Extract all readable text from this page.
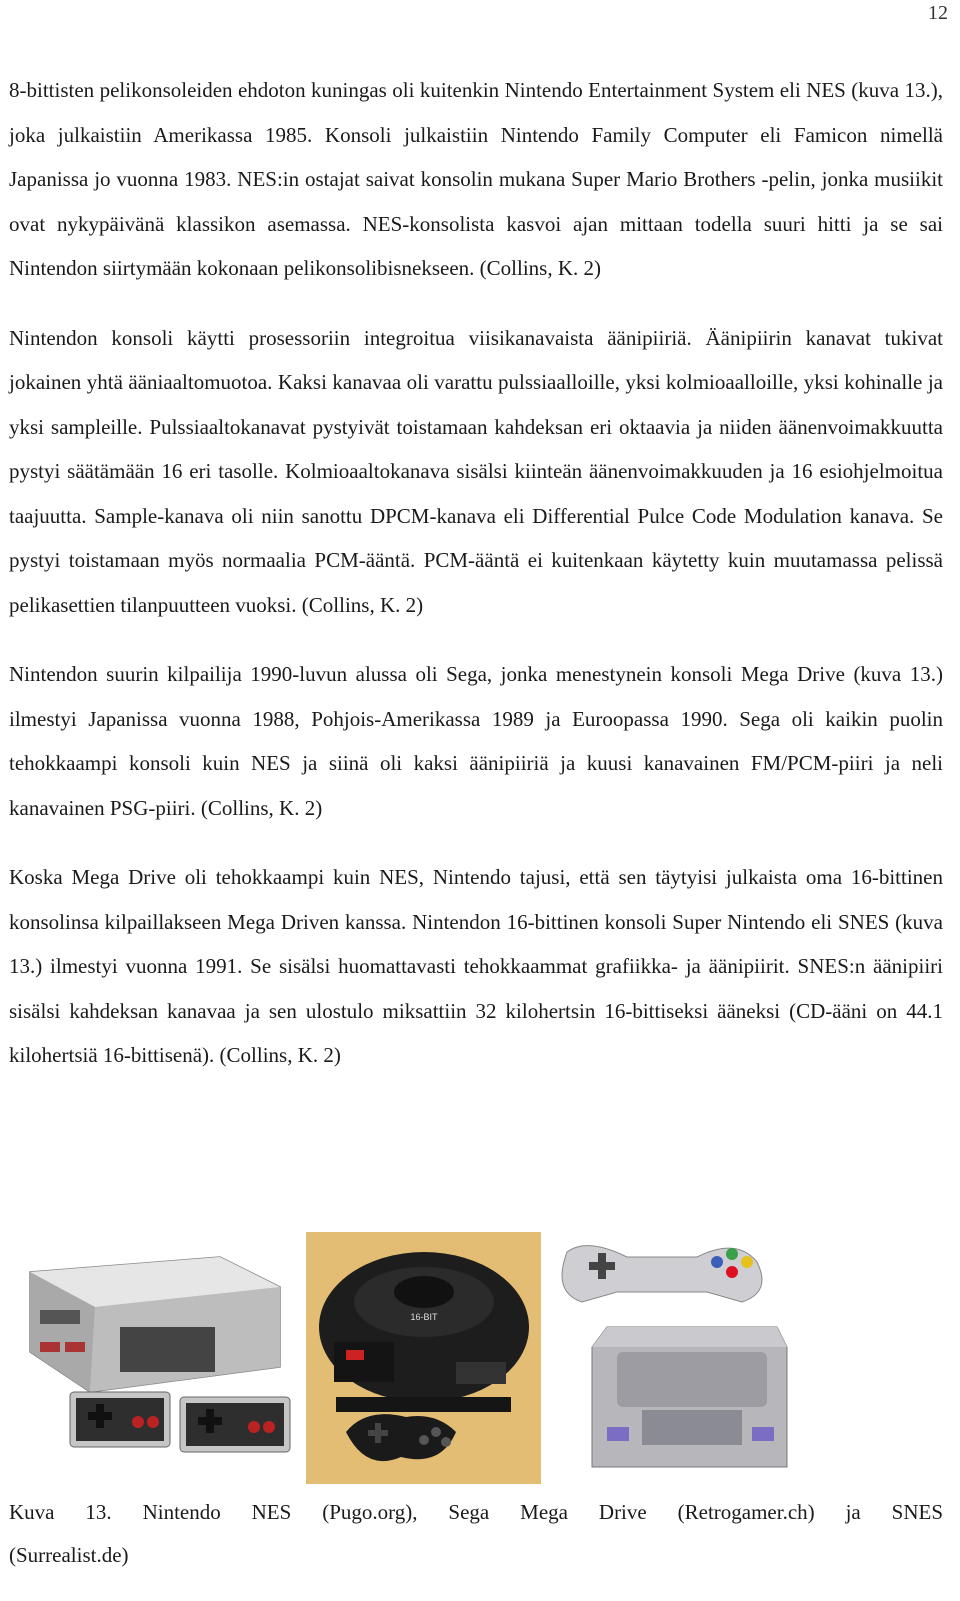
12

8-bittisten pelikonsoleiden ehdoton kuningas oli kuitenkin Nintendo Entertainment System eli NES (kuva 13.), joka julkaistiin Amerikassa 1985. Konsoli julkaistiin Nintendo Family Computer eli Famicon nimellä Japanissa jo vuonna 1983. NES:in ostajat saivat konsolin mukana Super Mario Brothers -pelin, jonka musiikit ovat nykypäivänä klassikon asemassa. NES-konsolista kasvoi ajan mittaan todella suuri hitti ja se sai Nintendon siirtymään kokonaan pelikonsolibisnekseen. (Collins, K. 2)

Nintendon konsoli käytti prosessoriin integroitua viisikanavaista äänipiiriä. Äänipiirin kanavat tukivat jokainen yhtä ääniaaltomuotoa. Kaksi kanavaa oli varattu pulssiaalloille, yksi kolmioaalloille, yksi kohinalle ja yksi sampleille. Pulssiaaltokanavat pystyivät toistamaan kahdeksan eri oktaavia ja niiden äänenvoimakkuutta pystyi säätämään 16 eri tasolle. Kolmioaaltokanava sisälsi kiinteän äänenvoimakkuuden ja 16 esiohjelmoitua taajuutta. Sample-kanava oli niin sanottu DPCM-kanava eli Differential Pulce Code Modulation kanava. Se pystyi toistamaan myös normaalia PCM-ääntä. PCM-ääntä ei kuitenkaan käytetty kuin muutamassa pelissä pelikasettien tilanpuutteen vuoksi. (Collins, K. 2)

Nintendon suurin kilpailija 1990-luvun alussa oli Sega, jonka menestynein konsoli Mega Drive (kuva 13.) ilmestyi Japanissa vuonna 1988, Pohjois-Amerikassa 1989 ja Euroopassa 1990. Sega oli kaikin puolin tehokkaampi konsoli kuin NES ja siinä oli kaksi äänipiiriä ja kuusi kanavainen FM/PCM-piiri ja neli kanavainen PSG-piiri. (Collins, K. 2)

Koska Mega Drive oli tehokkaampi kuin NES, Nintendo tajusi, että sen täytyisi julkaista oma 16-bittinen konsolinsa kilpaillakseen Mega Driven kanssa. Nintendon 16-bittinen konsoli Super Nintendo eli SNES (kuva 13.) ilmestyi vuonna 1991. Se sisälsi huomattavasti tehokkaammat grafiikka- ja äänipiirit. SNES:n äänipiiri sisälsi kahdeksan kanavaa ja sen ulostulo miksattiin 32 kilohertsin 16-bittiseksi ääneksi (CD-ääni on 44.1 kilohertsiä 16-bittisenä). (Collins, K. 2)

16-BIT
Kuva 13. Nintendo NES (Pugo.org), Sega Mega Drive (Retrogamer.ch) ja SNES
(Surrealist.de)
